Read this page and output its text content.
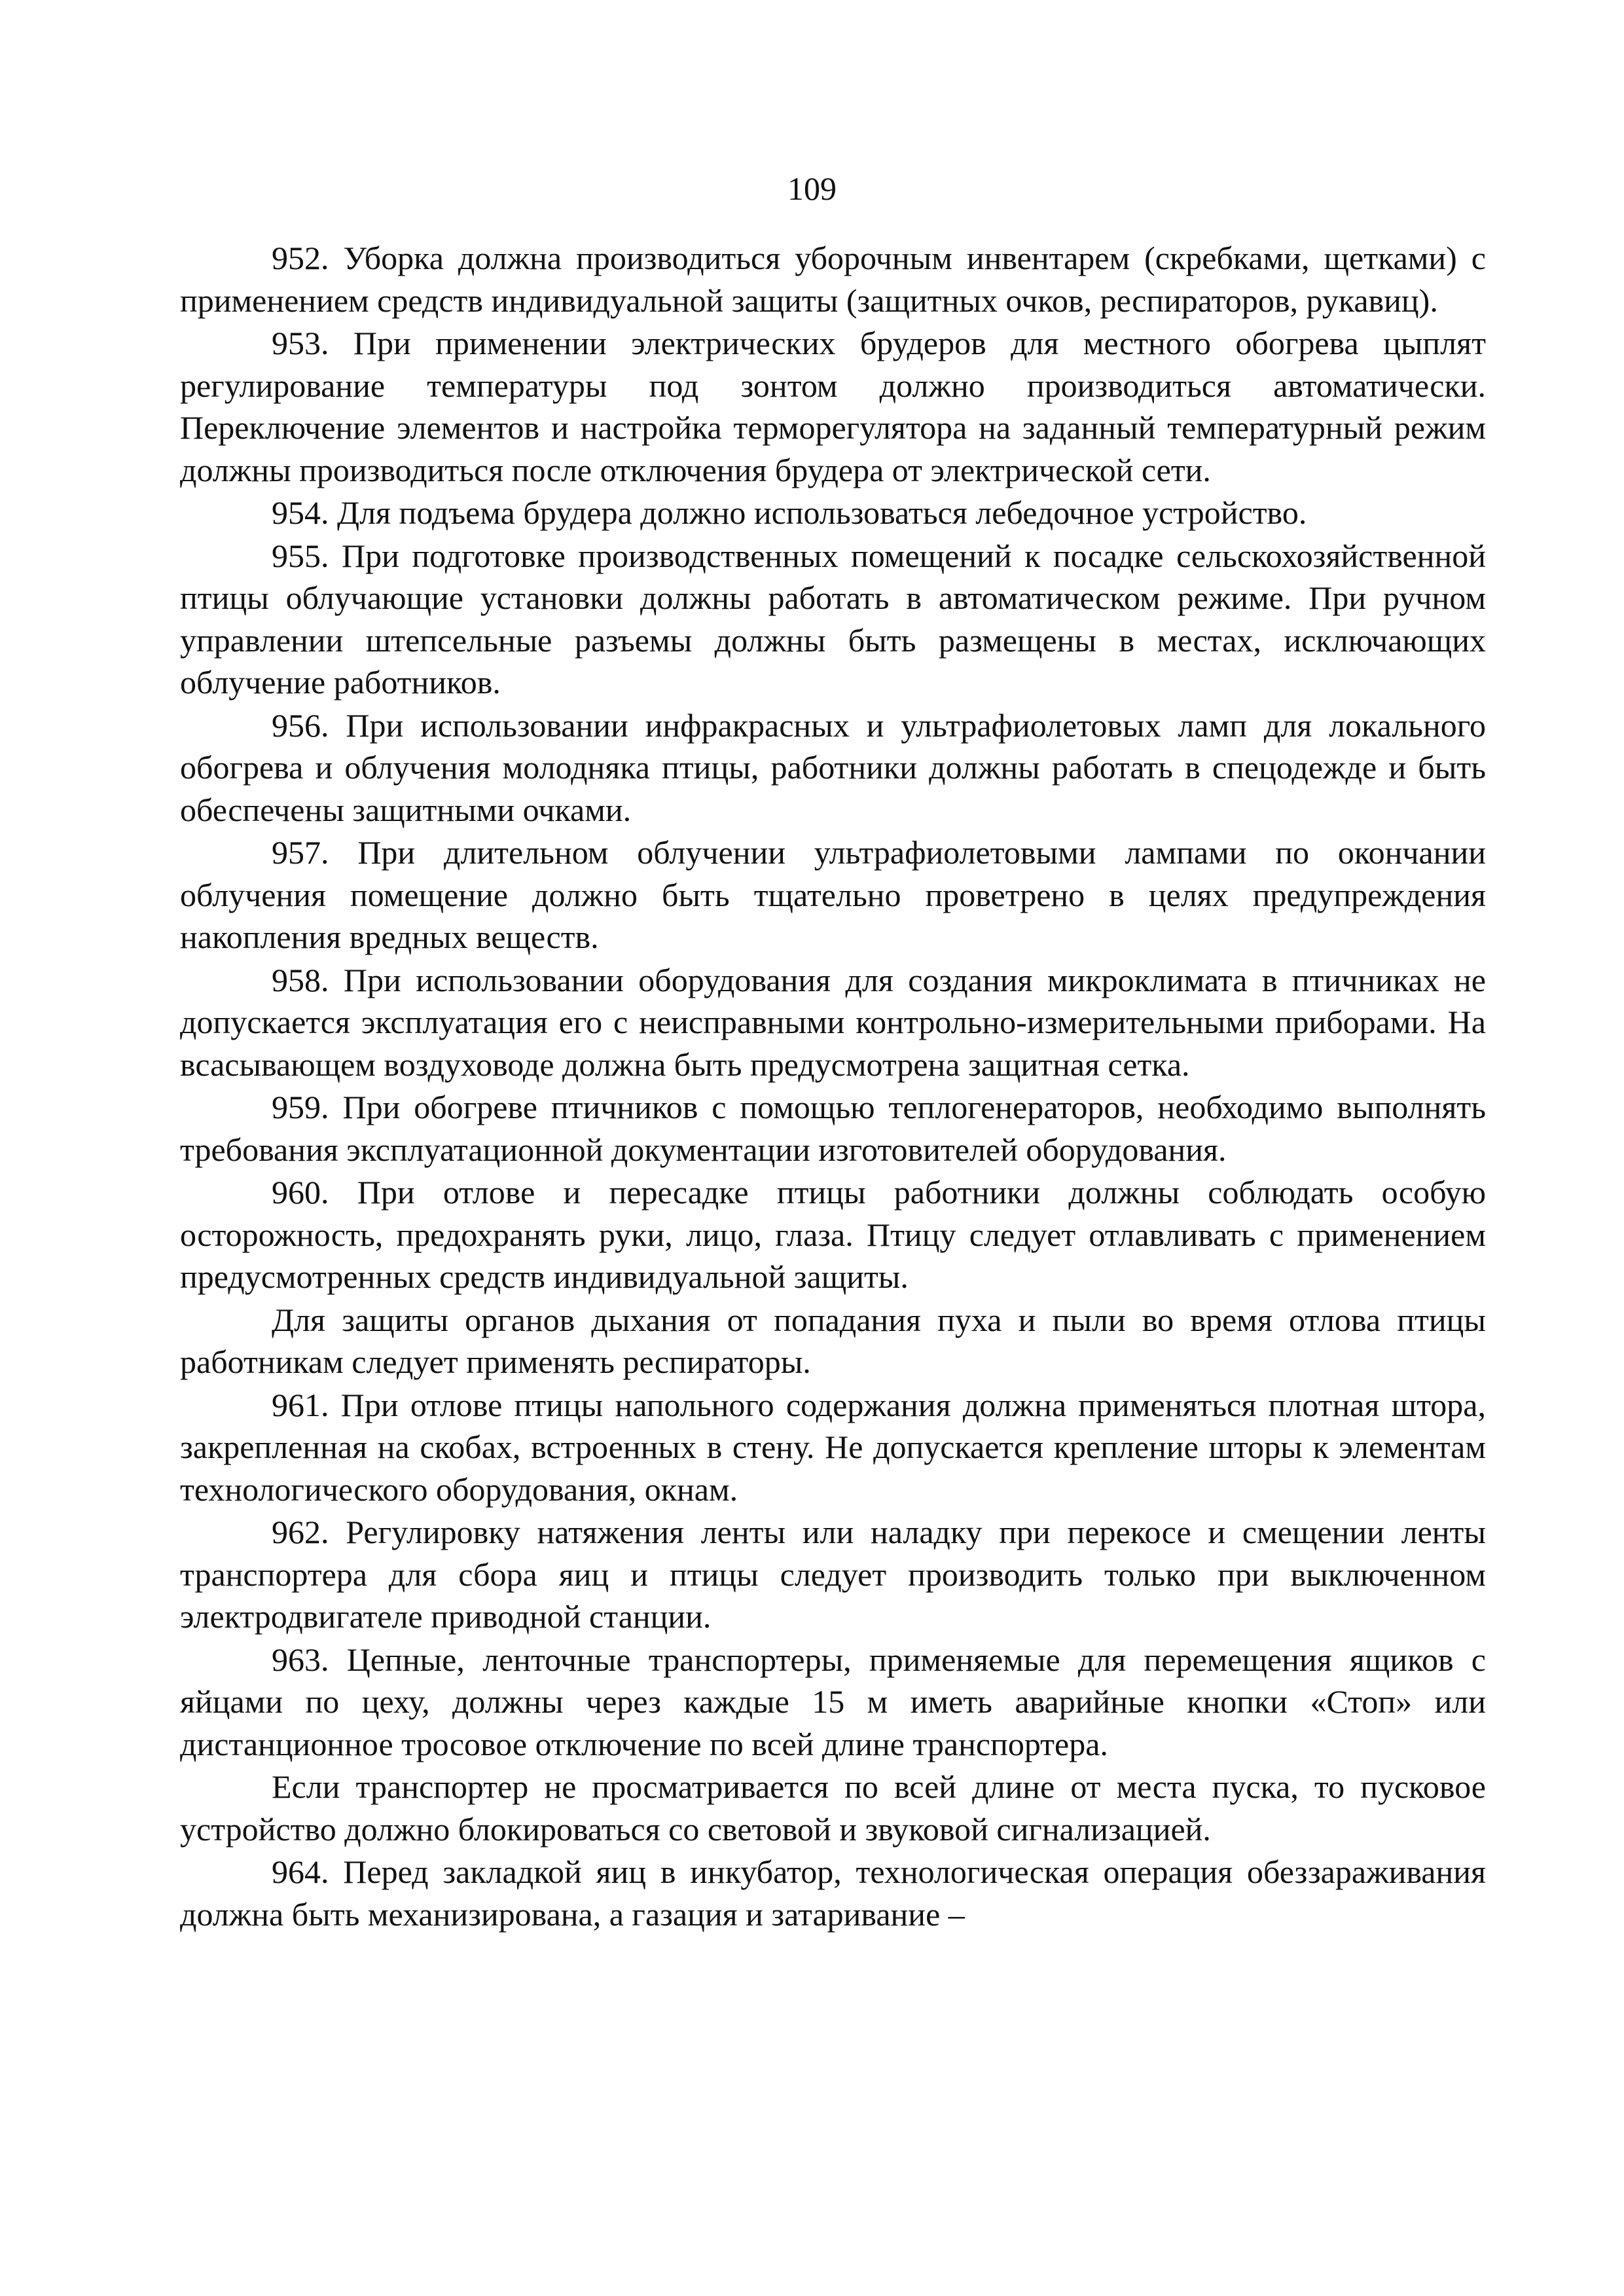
109

952. Уборка должна производиться уборочным инвентарем (скребками, щетками) с применением средств индивидуальной защиты (защитных очков, респираторов, рукавиц).

953. При применении электрических брудеров для местного обогрева цыплят регулирование температуры под зонтом должно производиться автоматически. Переключение элементов и настройка терморегулятора на заданный температурный режим должны производиться после отключения брудера от электрической сети.

954. Для подъема брудера должно использоваться лебедочное устройство.

955. При подготовке производственных помещений к посадке сельскохозяйственной птицы облучающие установки должны работать в автоматическом режиме. При ручном управлении штепсельные разъемы должны быть размещены в местах, исключающих облучение работников.

956. При использовании инфракрасных и ультрафиолетовых ламп для локального обогрева и облучения молодняка птицы, работники должны работать в спецодежде и быть обеспечены защитными очками.

957. При длительном облучении ультрафиолетовыми лампами по окончании облучения помещение должно быть тщательно проветрено в целях предупреждения накопления вредных веществ.

958. При использовании оборудования для создания микроклимата в птичниках не допускается эксплуатация его с неисправными контрольно-измерительными приборами. На всасывающем воздуховоде должна быть предусмотрена защитная сетка.

959. При обогреве птичников с помощью теплогенераторов, необходимо выполнять требования эксплуатационной документации изготовителей оборудования.

960. При отлове и пересадке птицы работники должны соблюдать особую осторожность, предохранять руки, лицо, глаза. Птицу следует отлавливать с применением предусмотренных средств индивидуальной защиты.

Для защиты органов дыхания от попадания пуха и пыли во время отлова птицы работникам следует применять респираторы.

961. При отлове птицы напольного содержания должна применяться плотная штора, закрепленная на скобах, встроенных в стену. Не допускается крепление шторы к элементам технологического оборудования, окнам.

962. Регулировку натяжения ленты или наладку при перекосе и смещении ленты транспортера для сбора яиц и птицы следует производить только при выключенном электродвигателе приводной станции.

963. Цепные, ленточные транспортеры, применяемые для перемещения ящиков с яйцами по цеху, должны через каждые 15 м иметь аварийные кнопки «Стоп» или дистанционное тросовое отключение по всей длине транспортера.

Если транспортер не просматривается по всей длине от места пуска, то пусковое устройство должно блокироваться со световой и звуковой сигнализацией.

964. Перед закладкой яиц в инкубатор, технологическая операция обеззараживания должна быть механизирована, а газация и затаривание –
